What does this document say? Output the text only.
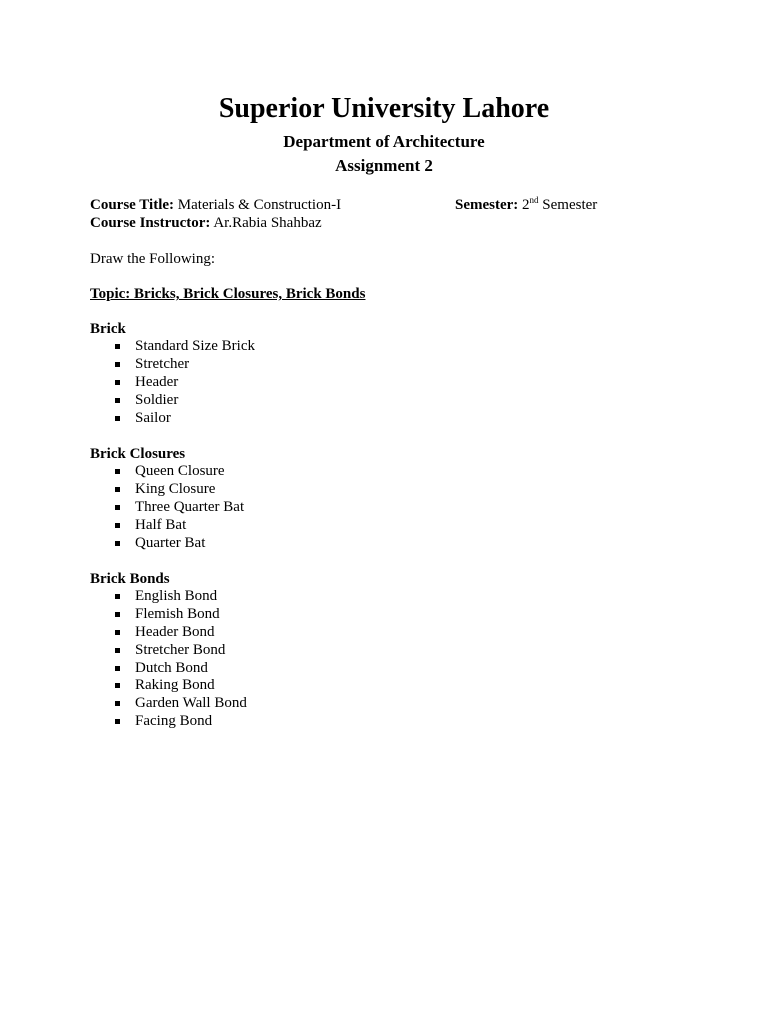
Superior University Lahore
Department of Architecture
Assignment 2
Course Title: Materials & Construction-I	Semester: 2nd Semester
Course Instructor: Ar.Rabia Shahbaz
Draw the Following:
Topic: Bricks, Brick Closures, Brick Bonds
Brick
Standard Size Brick
Stretcher
Header
Soldier
Sailor
Brick Closures
Queen Closure
King Closure
Three Quarter Bat
Half Bat
Quarter Bat
Brick Bonds
English Bond
Flemish Bond
Header Bond
Stretcher Bond
Dutch Bond
Raking Bond
Garden Wall Bond
Facing Bond
